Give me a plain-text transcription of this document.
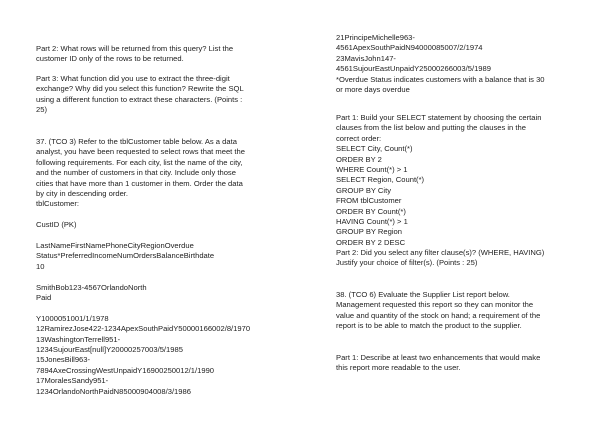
Part 2: What rows will be returned from this query? List the
customer ID only of the rows to be returned.
Part 3: What function did you use to extract the three-digit
exchange? Why did you select this function? Rewrite the SQL
using a different function to extract these characters. (Points :
25)
37. (TCO 3) Refer to the tblCustomer table below. As a data
analyst, you have been requested to select rows that meet the
following requirements. For each city, list the name of the city,
and the number of customers in that city. Include only those
cities that have more than 1 customer in them. Order the data
by city in descending order.
tblCustomer:
CustID (PK)
LastNameFirstNamePhoneCityRegionOverdue
Status*PreferredIncomeNumOrdersBalanceBirthdate
10
SmithBob123-4567OrlandoNorth
Paid
Y1000051001/1/1978
12RamirezJose422-1234ApexSouthPaidY50000166002/8/1970
13WashingtonTerrell951-
1234SujourEast[null]Y20000257003/5/1985
15JonesBill963-
7894AxeCrossingWestUnpaidY16900250012/1/1990
17MoralesSandy951-
1234OrlandoNorthPaidN85000904008/3/1986
21PrincipeMichelle963-
4561ApexSouthPaidN94000085007/2/1974
23MavisJohn147-
4561SujourEastUnpaidY25000266003/5/1989
*Overdue Status indicates customers with a balance that is 30
or more days overdue
Part 1: Build your SELECT statement by choosing the certain
clauses from the list below and putting the clauses in the
correct order:
SELECT City, Count(*)
ORDER BY 2
WHERE Count(*) > 1
SELECT Region, Count(*)
GROUP BY City
FROM tblCustomer
ORDER BY Count(*)
HAVING Count(*) > 1
GROUP BY Region
ORDER BY 2 DESC
Part 2: Did you select any filter clause(s)? (WHERE, HAVING)
Justify your choice of filter(s). (Points : 25)
38. (TCO 6) Evaluate the Supplier List report below.
Management requested this report so they can monitor the
value and quantity of the stock on hand; a requirement of the
report is to be able to match the product to the supplier.
Part 1: Describe at least two enhancements that would make
this report more readable to the user.
